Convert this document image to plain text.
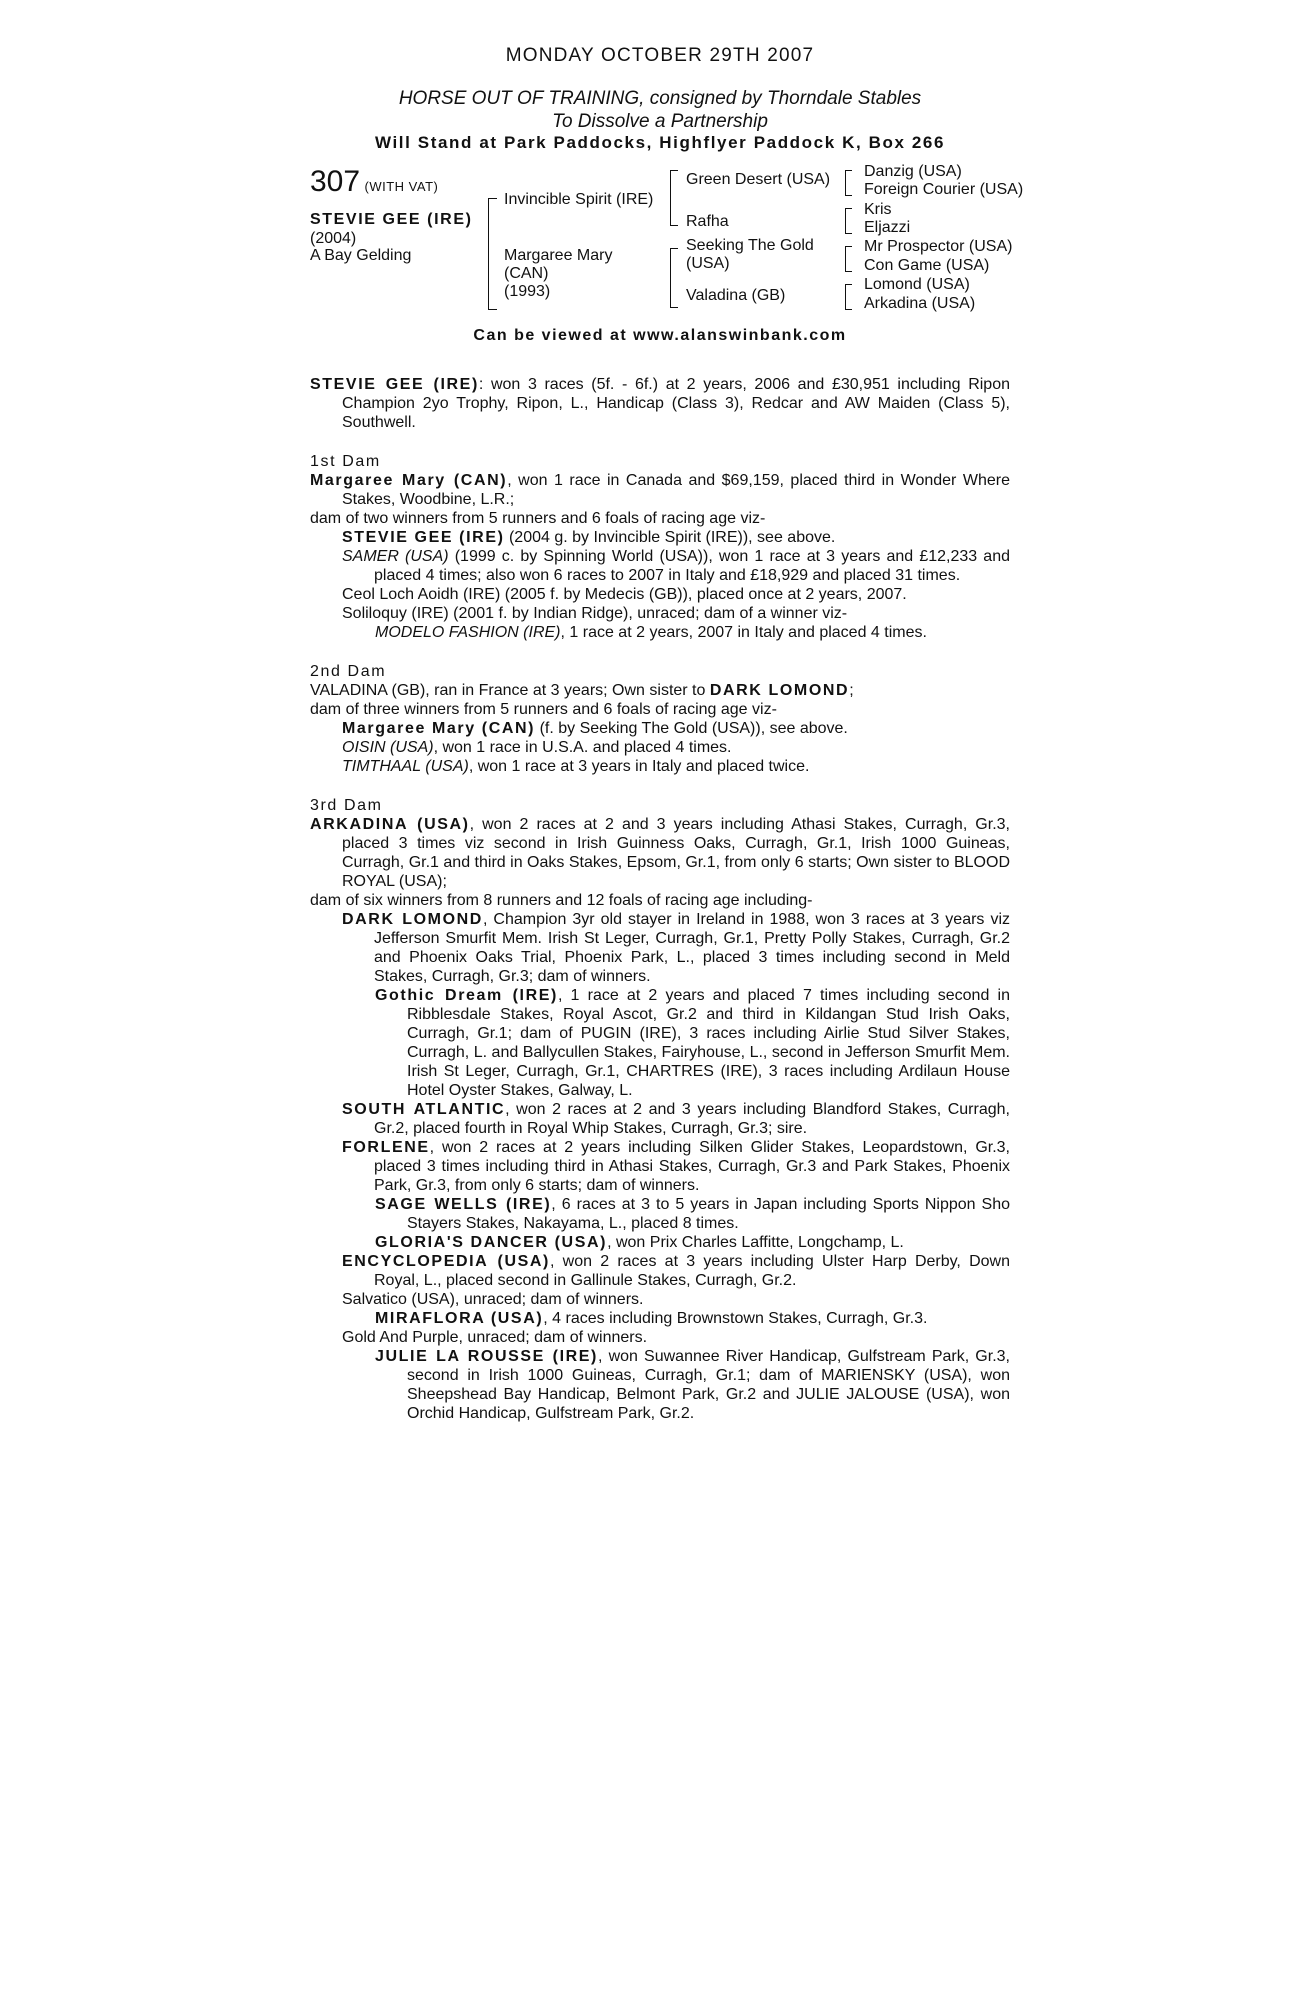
MONDAY OCTOBER 29TH 2007
HORSE OUT OF TRAINING, consigned by Thorndale Stables
To Dissolve a Partnership
Will Stand at Park Paddocks, Highflyer Paddock K, Box 266
307 (WITH VAT)
STEVIE GEE (IRE)
(2004)
A Bay Gelding
Invincible Spirit (IRE)
Margaree Mary
(CAN)
(1993)
Green Desert (USA)
Rafha
Seeking The Gold
(USA)
Valadina (GB)
Danzig (USA)
Foreign Courier (USA)
Kris
Eljazzi
Mr Prospector (USA)
Con Game (USA)
Lomond (USA)
Arkadina (USA)
Can be viewed at www.alanswinbank.com

STEVIE GEE (IRE): won 3 races (5f. - 6f.) at 2 years, 2006 and £30,951 including Ripon Champion 2yo Trophy, Ripon, L., Handicap (Class 3), Redcar and AW Maiden (Class 5), Southwell.

1st Dam

Margaree Mary (CAN), won 1 race in Canada and $69,159, placed third in Wonder Where Stakes, Woodbine, L.R.;

dam of two winners from 5 runners and 6 foals of racing age viz-

STEVIE GEE (IRE) (2004 g. by Invincible Spirit (IRE)), see above.

SAMER (USA) (1999 c. by Spinning World (USA)), won 1 race at 3 years and £12,233 and placed 4 times; also won 6 races to 2007 in Italy and £18,929 and placed 31 times.

Ceol Loch Aoidh (IRE) (2005 f. by Medecis (GB)), placed once at 2 years, 2007.

Soliloquy (IRE) (2001 f. by Indian Ridge), unraced; dam of a winner viz-

MODELO FASHION (IRE), 1 race at 2 years, 2007 in Italy and placed 4 times.

2nd Dam

VALADINA (GB), ran in France at 3 years; Own sister to DARK LOMOND;

dam of three winners from 5 runners and 6 foals of racing age viz-

Margaree Mary (CAN) (f. by Seeking The Gold (USA)), see above.

OISIN (USA), won 1 race in U.S.A. and placed 4 times.

TIMTHAAL (USA), won 1 race at 3 years in Italy and placed twice.

3rd Dam

ARKADINA (USA), won 2 races at 2 and 3 years including Athasi Stakes, Curragh, Gr.3, placed 3 times viz second in Irish Guinness Oaks, Curragh, Gr.1, Irish 1000 Guineas, Curragh, Gr.1 and third in Oaks Stakes, Epsom, Gr.1, from only 6 starts; Own sister to BLOOD ROYAL (USA);

dam of six winners from 8 runners and 12 foals of racing age including-

DARK LOMOND, Champion 3yr old stayer in Ireland in 1988, won 3 races at 3 years viz Jefferson Smurfit Mem. Irish St Leger, Curragh, Gr.1, Pretty Polly Stakes, Curragh, Gr.2 and Phoenix Oaks Trial, Phoenix Park, L., placed 3 times including second in Meld Stakes, Curragh, Gr.3; dam of winners.

Gothic Dream (IRE), 1 race at 2 years and placed 7 times including second in Ribblesdale Stakes, Royal Ascot, Gr.2 and third in Kildangan Stud Irish Oaks, Curragh, Gr.1; dam of PUGIN (IRE), 3 races including Airlie Stud Silver Stakes, Curragh, L. and Ballycullen Stakes, Fairyhouse, L., second in Jefferson Smurfit Mem. Irish St Leger, Curragh, Gr.1, CHARTRES (IRE), 3 races including Ardilaun House Hotel Oyster Stakes, Galway, L.

SOUTH ATLANTIC, won 2 races at 2 and 3 years including Blandford Stakes, Curragh, Gr.2, placed fourth in Royal Whip Stakes, Curragh, Gr.3; sire.

FORLENE, won 2 races at 2 years including Silken Glider Stakes, Leopardstown, Gr.3, placed 3 times including third in Athasi Stakes, Curragh, Gr.3 and Park Stakes, Phoenix Park, Gr.3, from only 6 starts; dam of winners.

SAGE WELLS (IRE), 6 races at 3 to 5 years in Japan including Sports Nippon Sho Stayers Stakes, Nakayama, L., placed 8 times.

GLORIA'S DANCER (USA), won Prix Charles Laffitte, Longchamp, L.

ENCYCLOPEDIA (USA), won 2 races at 3 years including Ulster Harp Derby, Down Royal, L., placed second in Gallinule Stakes, Curragh, Gr.2.

Salvatico (USA), unraced; dam of winners.

MIRAFLORA (USA), 4 races including Brownstown Stakes, Curragh, Gr.3.

Gold And Purple, unraced; dam of winners.

JULIE LA ROUSSE (IRE), won Suwannee River Handicap, Gulfstream Park, Gr.3, second in Irish 1000 Guineas, Curragh, Gr.1; dam of MARIENSKY (USA), won Sheepshead Bay Handicap, Belmont Park, Gr.2 and JULIE JALOUSE (USA), won Orchid Handicap, Gulfstream Park, Gr.2.
